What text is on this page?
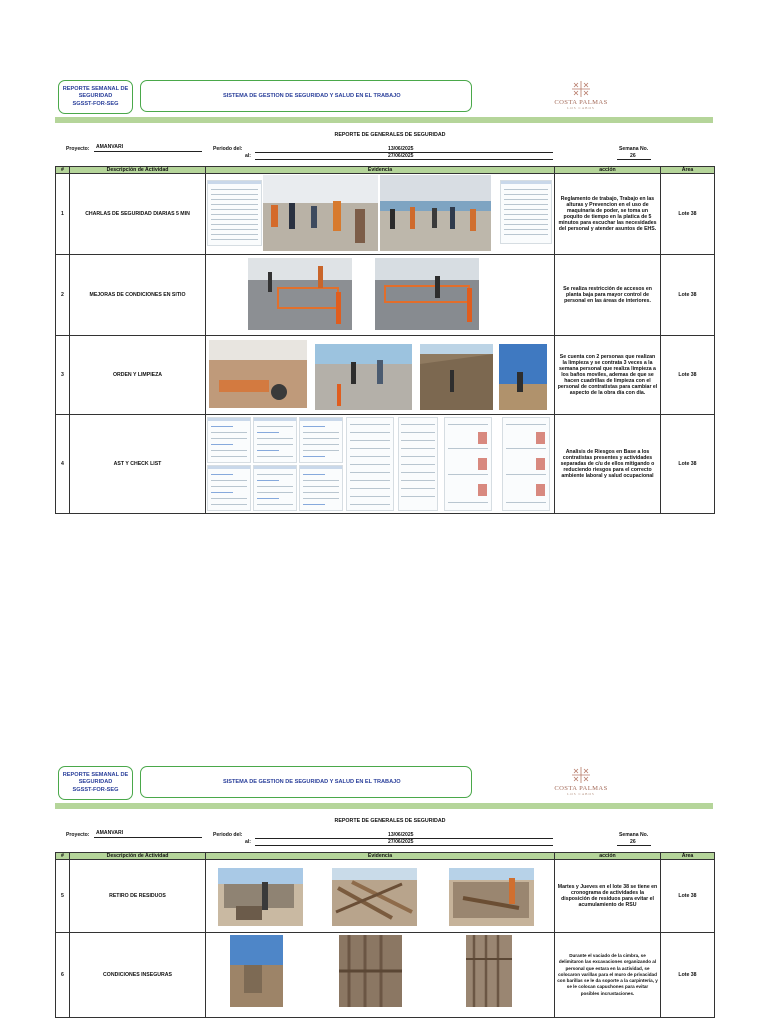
REPORTE SEMANAL DE
SEGURIDAD
SGSST-FOR-SEG
SISTEMA DE GESTION DE SEGURIDAD Y SALUD EN EL TRABAJO
COSTA PALMAS
LOS CABOS
REPORTE DE GENERALES DE SEGURIDAD
Proyecto: AMANVARI	Periodo del:
al:
13/06/2025
27/06/2025
Semana No.
26
#	Descripción de Actividad	Evidencia	acción	Área
1	CHARLAS DE SEGURIDAD DIARIAS 5 MIN		Reglamento de trabajo, Trabajo en las alturas y Prevencion en el uso de maquinaria de poder, se toma un poquito de tiempo en la platica de 5 minutos para escuchar las necesidades del personal y atender asuntos de EHS.	Lote 38
2	MEJORAS DE CONDICIONES EN SITIO		Se realiza restricción de accesos en planta baja para mayor control de personal en las áreas de interiores.	Lote 38
3	ORDEN Y LIMPIEZA		Se cuenta con 2 personas que realizan la limpieza y se contrata 3 veces a la semana personal que realiza limpieza a los baños moviles, ademas de que se hacen cuadrillas de limpieza con el personal de contratistas para cambiar el aspecto de la obra día con día.	Lote 38
4	AST Y CHECK LIST		Analisis de Riesgos en Base a los contratistas presentes y actividades separadas de c/u de ellos mitigando o reduciendo riesgos para el correcto ambiente laboral y salud ocupacional	Lote 38
REPORTE SEMANAL DE
SEGURIDAD
SGSST-FOR-SEG
SISTEMA DE GESTION DE SEGURIDAD Y SALUD EN EL TRABAJO
COSTA PALMAS
LOS CABOS
REPORTE DE GENERALES DE SEGURIDAD
Proyecto: AMANVARI	Periodo del:
al:
13/06/2025
27/06/2025
Semana No.
26
#	Descripción de Actividad	Evidencia	acción	Área
5	RETIRO DE RESIDUOS		Martes y Jueves en el lote 38 se tiene en cronograma de actividades la disposición de residuos para evitar el acumulamiento de RSU	Lote 38
6	CONDICIONES INSEGURAS		Durante el vaciado de la cimbra, se delimitaron las excavaciones organizando al personal que estara en la actividad, se colocaron varillas para el muro de privacidad con barillas se le da soporte a la carpintería, y se le colocan capuchones para evitar posibles incrustaciones.	Lote 38
